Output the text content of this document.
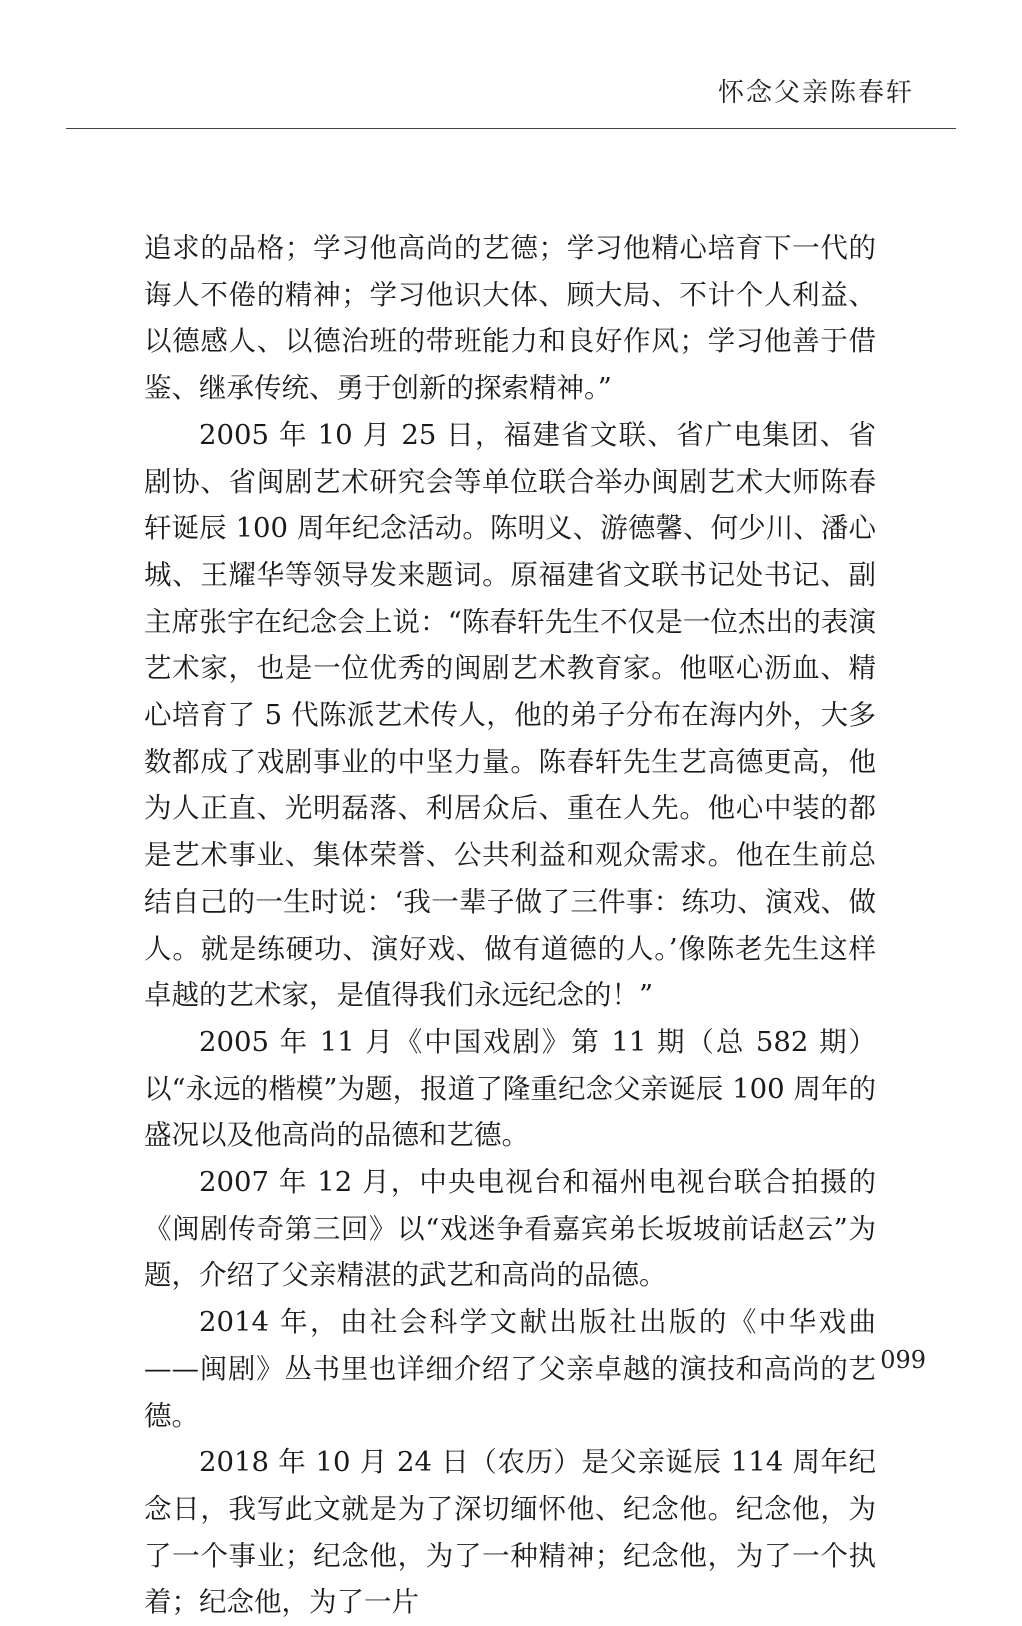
怀念父亲陈春轩

追求的品格；学习他高尚的艺德；学习他精心培育下一代的诲人不倦的精神；学习他识大体、顾大局、不计个人利益、以德感人、以德治班的带班能力和良好作风；学习他善于借鉴、继承传统、勇于创新的探索精神。”

2005 年 10 月 25 日，福建省文联、省广电集团、省剧协、省闽剧艺术研究会等单位联合举办闽剧艺术大师陈春轩诞辰 100 周年纪念活动。陈明义、游德馨、何少川、潘心城、王耀华等领导发来题词。原福建省文联书记处书记、副主席张宇在纪念会上说：“陈春轩先生不仅是一位杰出的表演艺术家，也是一位优秀的闽剧艺术教育家。他呕心沥血、精心培育了 5 代陈派艺术传人，他的弟子分布在海内外，大多数都成了戏剧事业的中坚力量。陈春轩先生艺高德更高，他为人正直、光明磊落、利居众后、重在人先。他心中装的都是艺术事业、集体荣誉、公共利益和观众需求。他在生前总结自己的一生时说：‘我一辈子做了三件事：练功、演戏、做人。就是练硬功、演好戏、做有道德的人。’像陈老先生这样卓越的艺术家，是值得我们永远纪念的！”

2005 年 11 月《中国戏剧》第 11 期（总 582 期）以“永远的楷模”为题，报道了隆重纪念父亲诞辰 100 周年的盛况以及他高尚的品德和艺德。

2007 年 12 月，中央电视台和福州电视台联合拍摄的《闽剧传奇第三回》以“戏迷争看嘉宾弟长坂坡前话赵云”为题，介绍了父亲精湛的武艺和高尚的品德。

2014 年，由社会科学文献出版社出版的《中华戏曲——闽剧》丛书里也详细介绍了父亲卓越的演技和高尚的艺德。

2018 年 10 月 24 日（农历）是父亲诞辰 114 周年纪念日，我写此文就是为了深切缅怀他、纪念他。纪念他，为了一个事业；纪念他，为了一种精神；纪念他，为了一个执着；纪念他，为了一片

099
